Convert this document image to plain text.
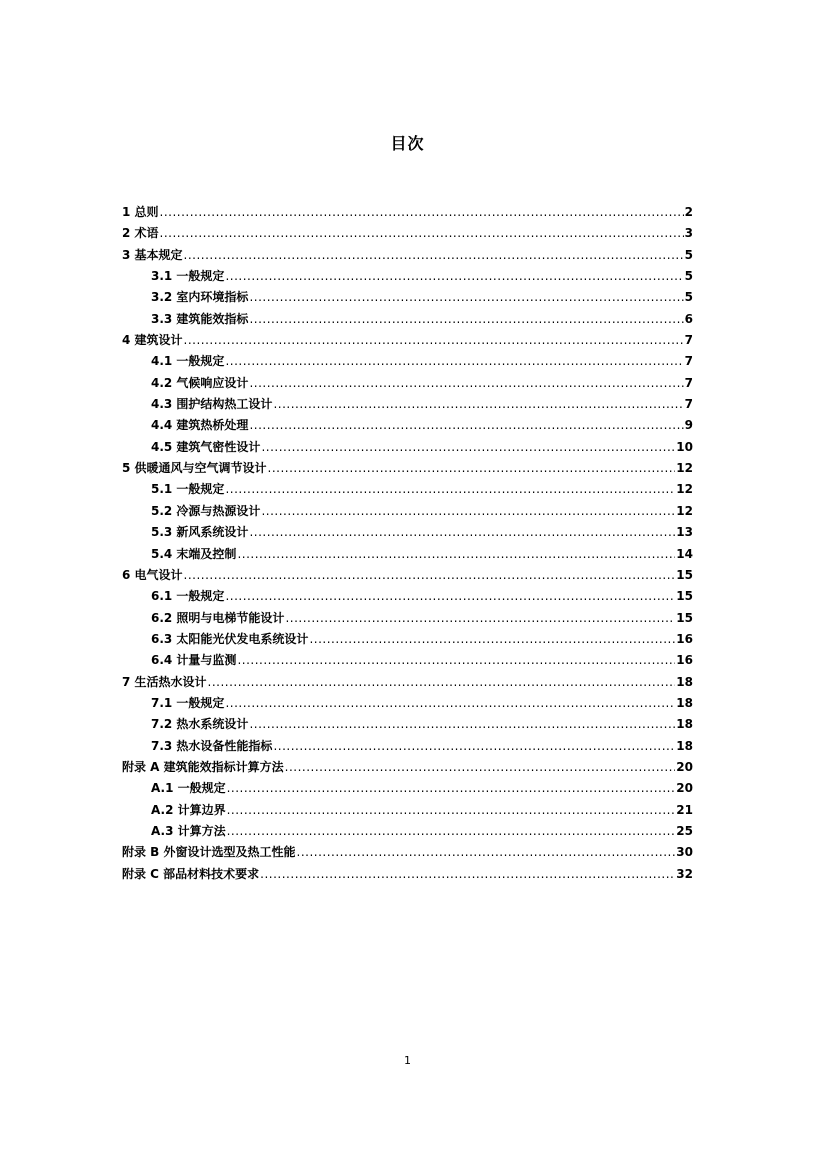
目次
1 总则 .....	2
2 术语 .....	3
3 基本规定 .....	5
3.1 一般规定 .....	5
3.2 室内环境指标 .....	5
3.3 建筑能效指标 .....	6
4 建筑设计 .....	7
4.1 一般规定 .....	7
4.2 气候响应设计 .....	7
4.3 围护结构热工设计 .....	7
4.4 建筑热桥处理 .....	9
4.5 建筑气密性设计 .....	10
5 供暖通风与空气调节设计 .....	12
5.1 一般规定 .....	12
5.2 冷源与热源设计 .....	12
5.3 新风系统设计 .....	13
5.4 末端及控制 .....	14
6 电气设计 .....	15
6.1 一般规定 .....	15
6.2 照明与电梯节能设计 .....	15
6.3 太阳能光伏发电系统设计 .....	16
6.4 计量与监测 .....	16
7 生活热水设计 .....	18
7.1 一般规定 .....	18
7.2 热水系统设计 .....	18
7.3 热水设备性能指标 .....	18
附录 A 建筑能效指标计算方法 .....	20
A.1 一般规定 .....	20
A.2 计算边界 .....	21
A.3 计算方法 .....	25
附录 B 外窗设计选型及热工性能 .....	30
附录 C 部品材料技术要求 .....	32
1
